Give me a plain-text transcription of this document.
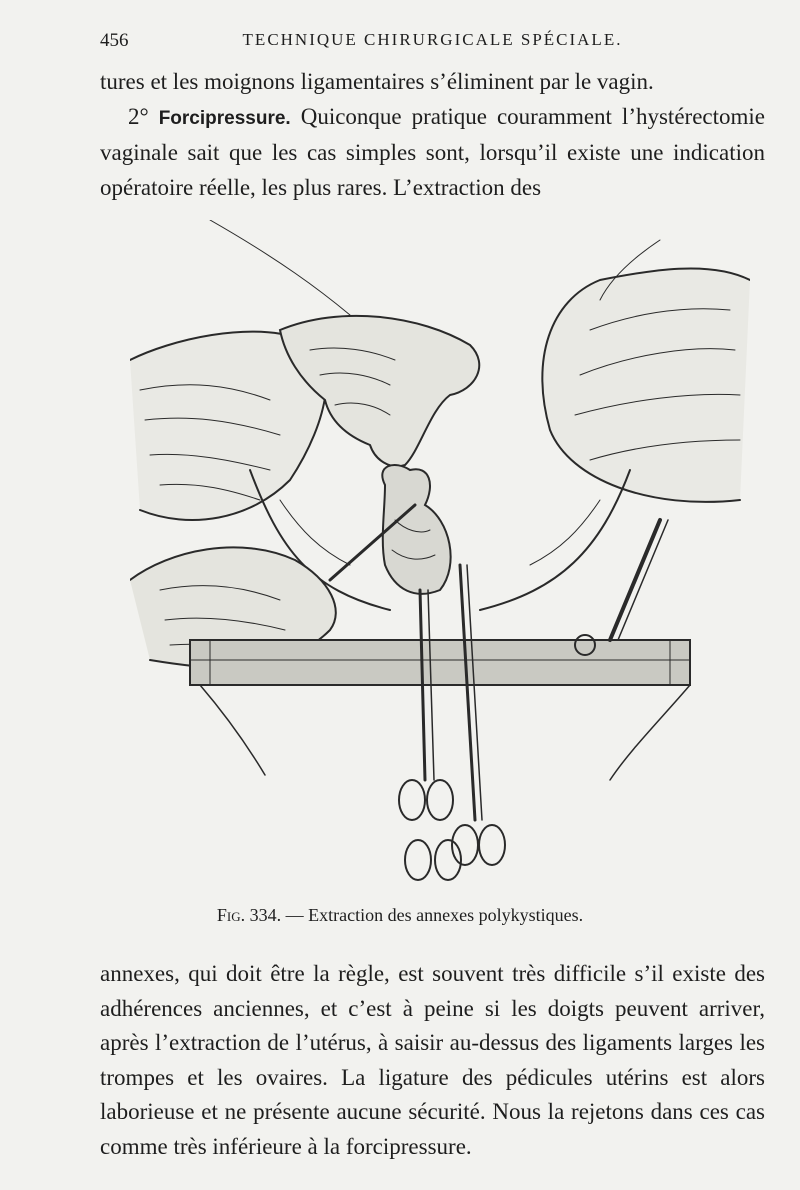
456	TECHNIQUE CHIRURGICALE SPÉCIALE.

tures et les moignons ligamentaires s’éliminent par le vagin.

2° Forcipressure. Quiconque pratique couramment l’hystérectomie vaginale sait que les cas simples sont, lorsqu’il existe une indication opératoire réelle, les plus rares. L’extraction des

Fig. 334. — Extraction des annexes polykystiques.

annexes, qui doit être la règle, est souvent très difficile s’il existe des adhérences anciennes, et c’est à peine si les doigts peuvent arriver, après l’extraction de l’utérus, à saisir au-dessus des ligaments larges les trompes et les ovaires. La ligature des pédicules utérins est alors laborieuse et ne présente aucune sécurité. Nous la rejetons dans ces cas comme très inférieure à la forcipressure.
